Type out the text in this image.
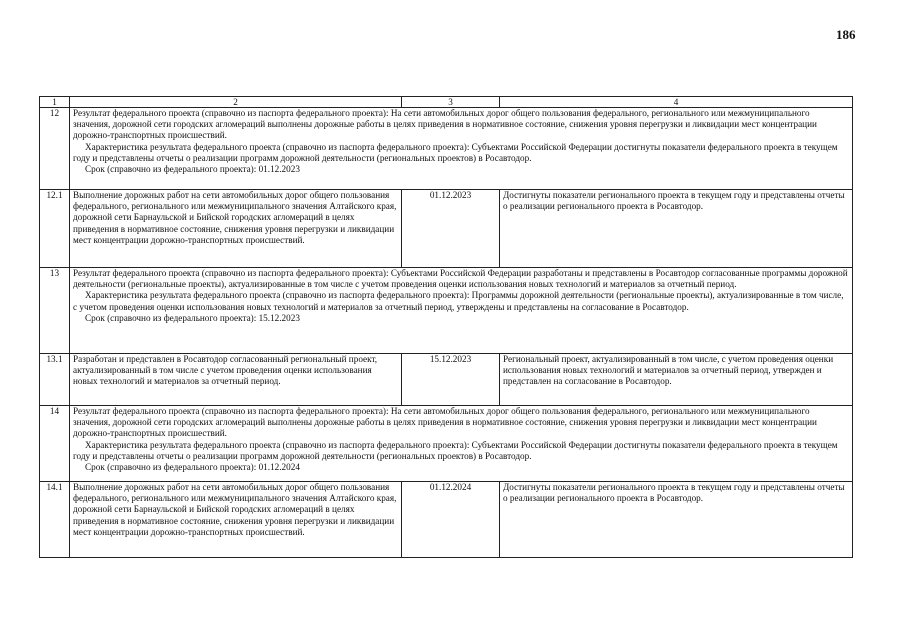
186
1	2	3	4
12	Результат федерального проекта (справочно из паспорта федерального проекта): На сети автомобильных дорог общего пользования федерального, регионального или межмуниципального значения, дорожной сети городских агломераций выполнены дорожные работы в целях приведения в нормативное состояние, снижения уровня перегрузки и ликвидации мест концентрации дорожно-транспортных происшествий.
Характеристика результата федерального проекта (справочно из паспорта федерального проекта): Субъектами Российской Федерации достигнуты показатели федерального проекта в текущем году и представлены отчеты о реализации программ дорожной деятельности (региональных проектов) в Росавтодор.
Срок (справочно из федерального проекта): 01.12.2023		

12.1	Выполнение дорожных работ на сети автомобильных дорог общего пользования федерального, регионального или межмуниципального значения Алтайского края, дорожной сети Барнаульской и Бийской городских агломераций в целях приведения в нормативное состояние, снижения уровня перегрузки и ликвидации мест концентрации дорожно-транспортных происшествий.	01.12.2023	Достигнуты показатели регионального проекта в текущем году и представлены отчеты о реализации регионального проекта в Росавтодор.
13	Результат федерального проекта (справочно из паспорта федерального проекта): Субъектами Российской Федерации разработаны и представлены в Росавтодор согласованные программы дорожной деятельности (региональные проекты), актуализированные в том числе с учетом проведения оценки использования новых технологий и материалов за отчетный период.
Характеристика результата федерального проекта (справочно из паспорта федерального проекта): Программы дорожной деятельности (региональные проекты), актуализированные в том числе, с учетом проведения оценки использования новых технологий и материалов за отчетный период, утверждены и представлены на согласование в Росавтодор.
Срок (справочно из федерального проекта): 15.12.2023		

13.1	Разработан и представлен в Росавтодор согласованный региональный проект, актуализированный в том числе с учетом проведения оценки использования новых технологий и материалов за отчетный период.	15.12.2023	Региональный проект, актуализированный в том числе, с учетом проведения оценки использования новых технологий и материалов за отчетный период, утвержден и представлен на согласование в Росавтодор.
14	Результат федерального проекта (справочно из паспорта федерального проекта): На сети автомобильных дорог общего пользования федерального, регионального или межмуниципального значения, дорожной сети городских агломераций выполнены дорожные работы в целях приведения в нормативное состояние, снижения уровня перегрузки и ликвидации мест концентрации дорожно-транспортных происшествий.
Характеристика результата федерального проекта (справочно из паспорта федерального проекта): Субъектами Российской Федерации достигнуты показатели федерального проекта в текущем году и представлены отчеты о реализации программ дорожной деятельности (региональных проектов) в Росавтодор.
Срок (справочно из федерального проекта): 01.12.2024		

14.1	Выполнение дорожных работ на сети автомобильных дорог общего пользования федерального, регионального или межмуниципального значения Алтайского края, дорожной сети Барнаульской и Бийской городских агломераций в целях приведения в нормативное состояние, снижения уровня перегрузки и ликвидации мест концентрации дорожно-транспортных происшествий.	01.12.2024	Достигнуты показатели регионального проекта в текущем году и представлены отчеты о реализации регионального проекта в Росавтодор.
